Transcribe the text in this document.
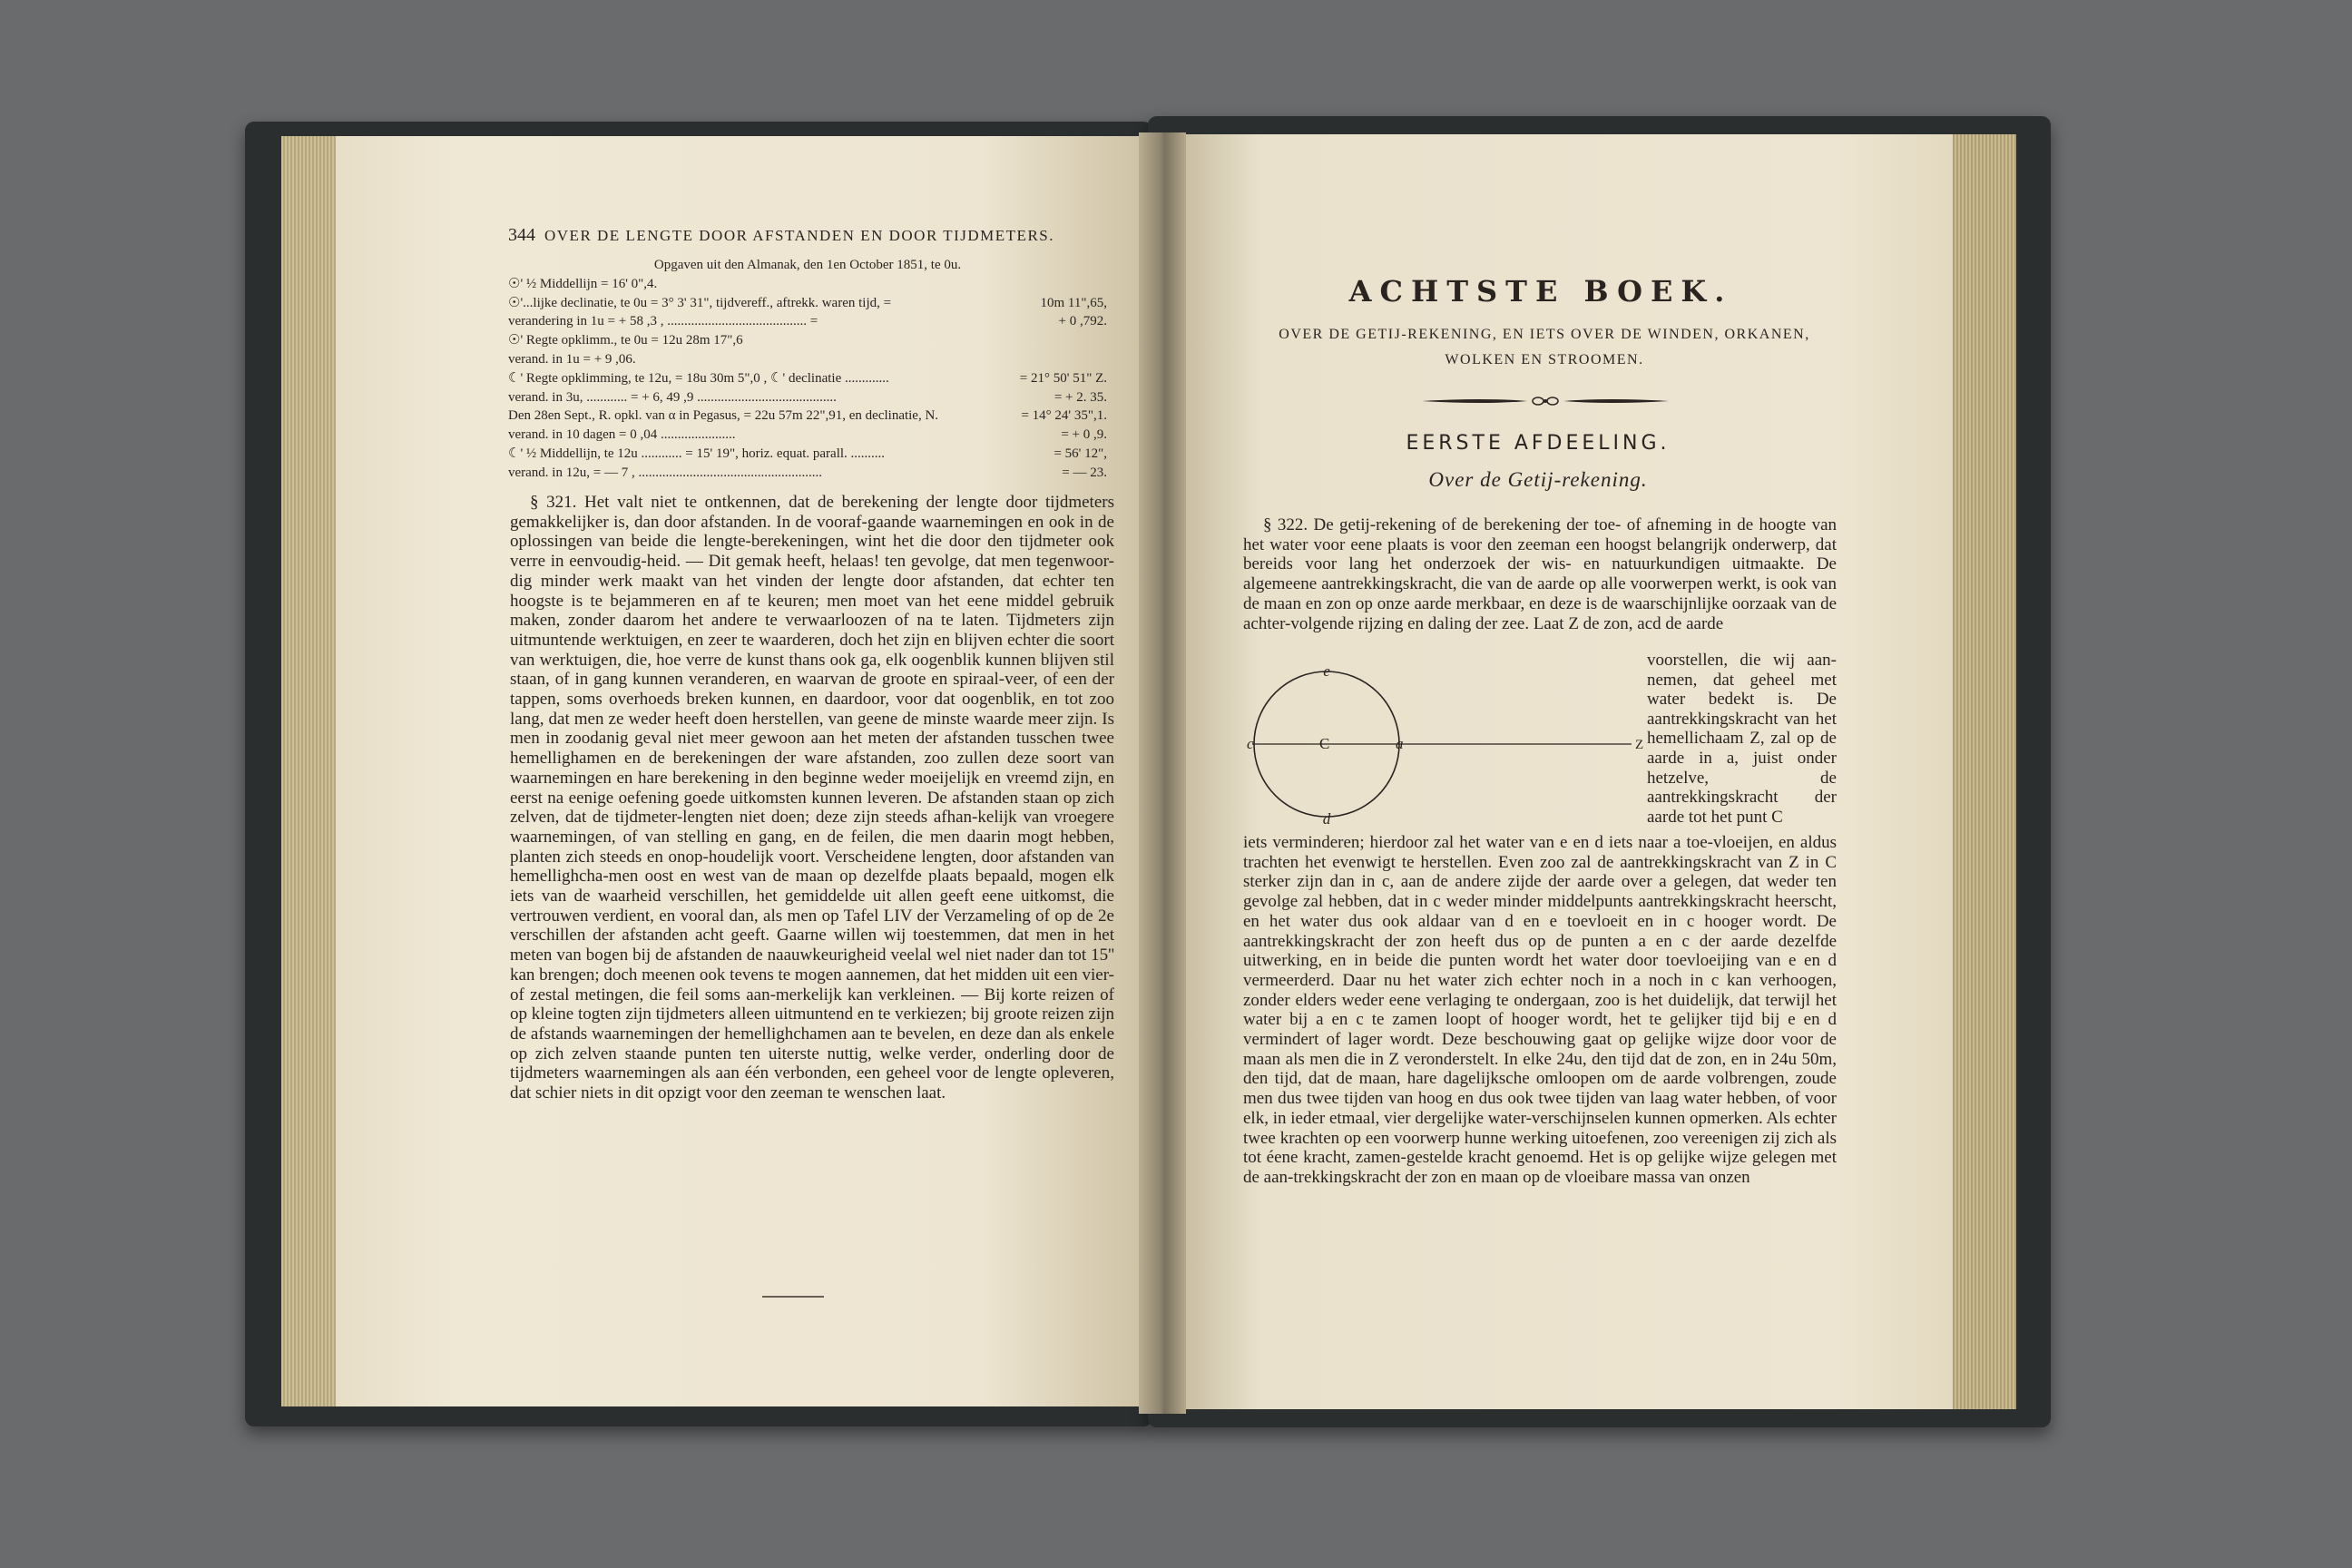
344 OVER DE LENGTE DOOR AFSTANDEN EN DOOR TIJDMETERS.
Opgaven uit den Almanak, den 1en October 1851, te 0u.
☉' ½ Middellijn = 16' 0",4.
☉'...lijke declinatie, te 0u = 3° 3' 31", tijdvereff., aftrekk. waren tijd, =	10m 11",65,
verandering in 1u = + 58 ,3 , ......................................... =	+ 0 ,792.
☉' Regte opklimm., te 0u = 12u 28m 17",6
verand. in 1u = + 9 ,06.
☾' Regte opklimming, te 12u, = 18u 30m 5",0 , ☾' declinatie .............	= 21° 50' 51" Z.
verand. in 3u, ............ = + 6, 49 ,9 .........................................	= + 2. 35.
Den 28en Sept., R. opkl. van α in Pegasus, = 22u 57m 22",91, en declinatie, N.	= 14° 24' 35",1.
verand. in 10 dagen = 0 ,04 ......................	= + 0 ,9.
☾' ½ Middellijn, te 12u ............ = 15' 19", horiz. equat. parall. ..........	= 56' 12",
verand. in 12u, = — 7 , ......................................................	= — 23.

§ 321. Het valt niet te ontkennen, dat de berekening der lengte door tijdmeters gemakkelijker is, dan door afstanden. In de vooraf-gaande waarnemingen en ook in de oplossingen van beide die lengte-berekeningen, wint het die door den tijdmeter ook verre in eenvoudig-heid. — Dit gemak heeft, helaas! ten gevolge, dat men tegenwoor-dig minder werk maakt van het vinden der lengte door afstanden, dat echter ten hoogste is te bejammeren en af te keuren; men moet van het eene middel gebruik maken, zonder daarom het andere te verwaarloozen of na te laten. Tijdmeters zijn uitmuntende werktuigen, en zeer te waarderen, doch het zijn en blijven echter die soort van werktuigen, die, hoe verre de kunst thans ook ga, elk oogenblik kunnen blijven stil staan, of in gang kunnen veranderen, en waarvan de groote en spiraal-veer, of een der tappen, soms overhoeds breken kunnen, en daardoor, voor dat oogenblik, en tot zoo lang, dat men ze weder heeft doen herstellen, van geene de minste waarde meer zijn. Is men in zoodanig geval niet meer gewoon aan het meten der afstanden tusschen twee hemellighamen en de berekeningen der ware afstanden, zoo zullen deze soort van waarnemingen en hare berekening in den beginne weder moeijelijk en vreemd zijn, en eerst na eenige oefening goede uitkomsten kunnen leveren. De afstanden staan op zich zelven, dat de tijdmeter-lengten niet doen; deze zijn steeds afhan-kelijk van vroegere waarnemingen, of van stelling en gang, en de feilen, die men daarin mogt hebben, planten zich steeds en onop-houdelijk voort. Verscheidene lengten, door afstanden van hemellighcha-men oost en west van de maan op dezelfde plaats bepaald, mogen elk iets van de waarheid verschillen, het gemiddelde uit allen geeft eene uitkomst, die vertrouwen verdient, en vooral dan, als men op Tafel LIV der Verzameling of op de 2e verschillen der afstanden acht geeft. Gaarne willen wij toestemmen, dat men in het meten van bogen bij de afstanden de naauwkeurigheid veelal wel niet nader dan tot 15'' kan brengen; doch meenen ook tevens te mogen aannemen, dat het midden uit een vier- of zestal metingen, die feil soms aan-merkelijk kan verkleinen. — Bij korte reizen of op kleine togten zijn tijdmeters alleen uitmuntend en te verkiezen; bij groote reizen zijn de afstands waarnemingen der hemellighchamen aan te bevelen, en deze dan als enkele op zich zelven staande punten ten uiterste nuttig, welke verder, onderling door de tijdmeters waarnemingen als aan één verbonden, een geheel voor de lengte opleveren, dat schier niets in dit opzigt voor den zeeman te wenschen laat.

ACHTSTE BOEK.
OVER DE GETIJ-REKENING, EN IETS OVER DE WINDEN, ORKANEN,
WOLKEN EN STROOMEN.
EERSTE AFDEELING.
Over de Getij-rekening.

§ 322. De getij-rekening of de berekening der toe- of afneming in de hoogte van het water voor eene plaats is voor den zeeman een hoogst belangrijk onderwerp, dat bereids voor lang het onderzoek der wis- en natuurkundigen uitmaakte. De algemeene aantrekkingskracht, die van de aarde op alle voorwerpen werkt, is ook van de maan en zon op onze aarde merkbaar, en deze is de waarschijnlijke oorzaak van de achter-volgende rijzing en daling der zee. Laat Z de zon, acd de aarde

e
c	C	a
d
Z

voorstellen, die wij aan-nemen, dat geheel met water bedekt is. De aantrekkingskracht van het hemellichaam Z, zal op de aarde in a, juist onder hetzelve, de aantrekkingskracht der aarde tot het punt C

iets verminderen; hierdoor zal het water van e en d iets naar a toe-vloeijen, en aldus trachten het evenwigt te herstellen. Even zoo zal de aantrekkingskracht van Z in C sterker zijn dan in c, aan de andere zijde der aarde over a gelegen, dat weder ten gevolge zal hebben, dat in c weder minder middelpunts aantrekkingskracht heerscht, en het water dus ook aldaar van d en e toevloeit en in c hooger wordt. De aantrekkingskracht der zon heeft dus op de punten a en c der aarde dezelfde uitwerking, en in beide die punten wordt het water door toevloeijing van e en d vermeerderd. Daar nu het water zich echter noch in a noch in c kan verhoogen, zonder elders weder eene verlaging te ondergaan, zoo is het duidelijk, dat terwijl het water bij a en c te zamen loopt of hooger wordt, het te gelijker tijd bij e en d vermindert of lager wordt. Deze beschouwing gaat op gelijke wijze door voor de maan als men die in Z veronderstelt. In elke 24u, den tijd dat de zon, en in 24u 50m, den tijd, dat de maan, hare dagelijksche omloopen om de aarde volbrengen, zoude men dus twee tijden van hoog en dus ook twee tijden van laag water hebben, of voor elk, in ieder etmaal, vier dergelijke water-verschijnselen kunnen opmerken. Als echter twee krachten op een voorwerp hunne werking uitoefenen, zoo vereenigen zij zich als tot éene kracht, zamen-gestelde kracht genoemd. Het is op gelijke wijze gelegen met de aan-trekkingskracht der zon en maan op de vloeibare massa van onzen
